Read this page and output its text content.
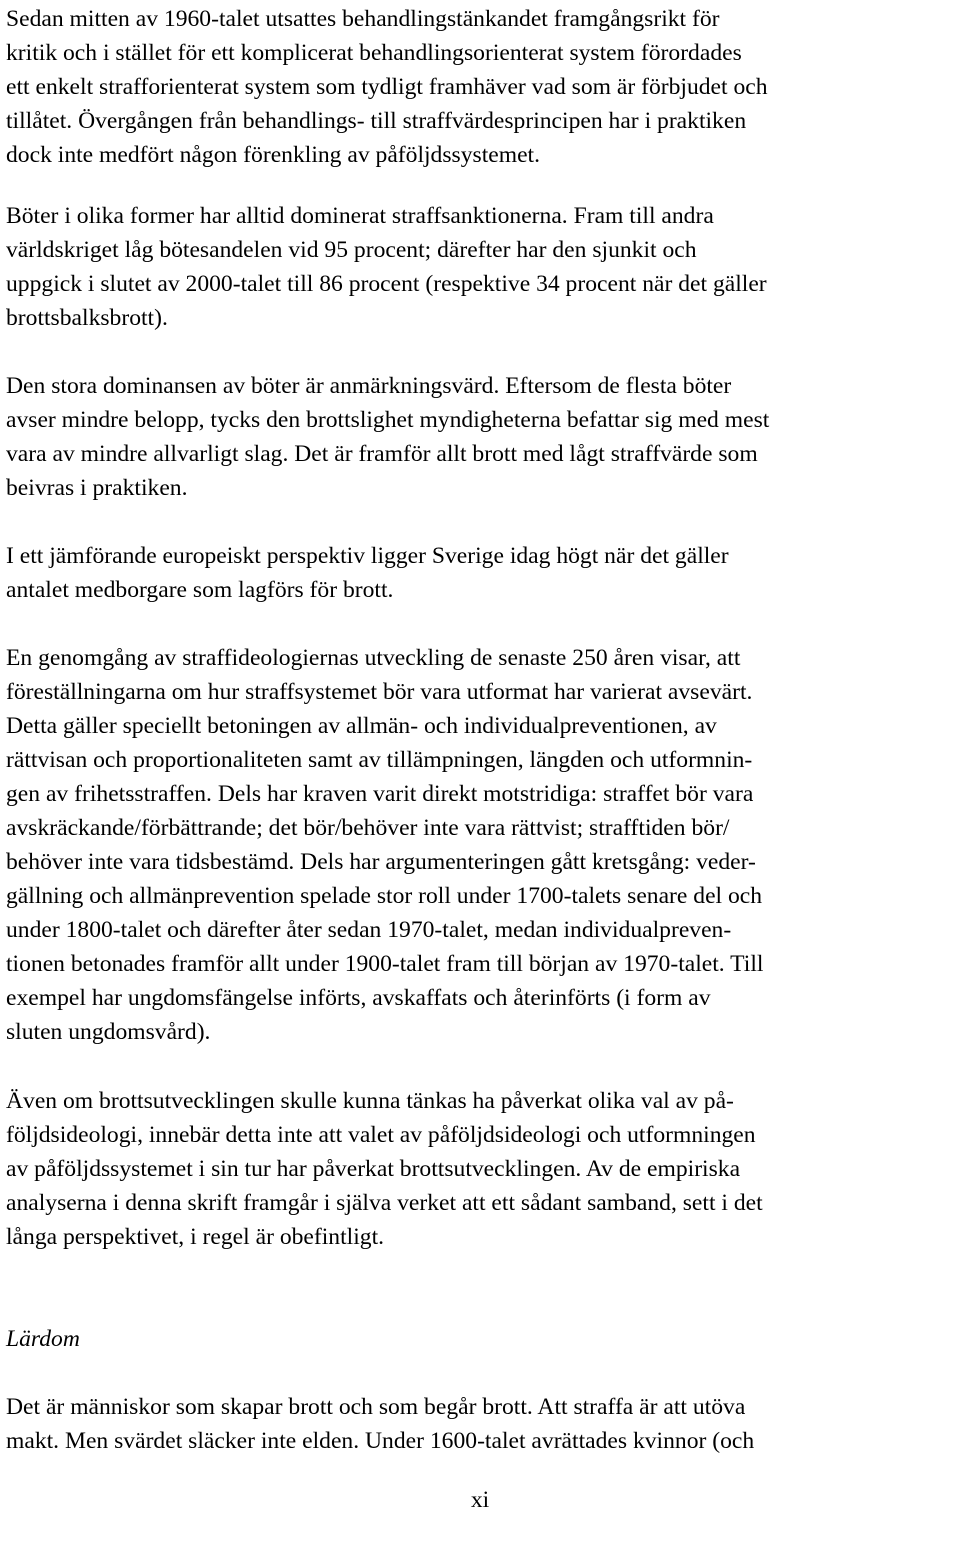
Sedan mitten av 1960-talet utsattes behandlingstänkandet framgångsrikt för
kritik och i stället för ett komplicerat behandlingsorienterat system förordades
ett enkelt strafforienterat system som tydligt framhäver vad som är förbjudet och
tillåtet. Övergången från behandlings- till straffvärdesprincipen har i praktiken
dock inte medfört någon förenkling av påföljdssystemet.

Böter i olika former har alltid dominerat straffsanktionerna. Fram till andra
världskriget låg bötesandelen vid 95 procent; därefter har den sjunkit och
uppgick i slutet av 2000-talet till 86 procent (respektive 34 procent när det gäller
brottsbalksbrott).

Den stora dominansen av böter är anmärkningsvärd. Eftersom de flesta böter
avser mindre belopp, tycks den brottslighet myndigheterna befattar sig med mest
vara av mindre allvarligt slag. Det är framför allt brott med lågt straffvärde som
beivras i praktiken.

I ett jämförande europeiskt perspektiv ligger Sverige idag högt när det gäller
antalet medborgare som lagförs för brott.

En genomgång av straffideologiernas utveckling de senaste 250 åren visar, att
föreställningarna om hur straffsystemet bör vara utformat har varierat avsevärt.
Detta gäller speciellt betoningen av allmän- och individualpreventionen, av
rättvisan och proportionaliteten samt av tillämpningen, längden och utformnin-
gen av frihetsstraffen. Dels har kraven varit direkt motstridiga: straffet bör vara
avskräckande/förbättrande; det bör/behöver inte vara rättvist; strafftiden bör/
behöver inte vara tidsbestämd. Dels har argumenteringen gått kretsgång: veder-
gällning och allmänprevention spelade stor roll under 1700-talets senare del och
under 1800-talet och därefter åter sedan 1970-talet, medan individualpreven-
tionen betonades framför allt under 1900-talet fram till början av 1970-talet. Till
exempel har ungdomsfängelse införts, avskaffats och återinförts (i form av
sluten ungdomsvård).

Även om brottsutvecklingen skulle kunna tänkas ha påverkat olika val av på-
följdsideologi, innebär detta inte att valet av påföljdsideologi och utformningen
av påföljdssystemet i sin tur har påverkat brottsutvecklingen. Av de empiriska
analyserna i denna skrift framgår i själva verket att ett sådant samband, sett i det
långa perspektivet, i regel är obefintligt.

Lärdom

Det är människor som skapar brott och som begår brott. Att straffa är att utöva
makt. Men svärdet släcker inte elden. Under 1600-talet avrättades kvinnor (och

xi
